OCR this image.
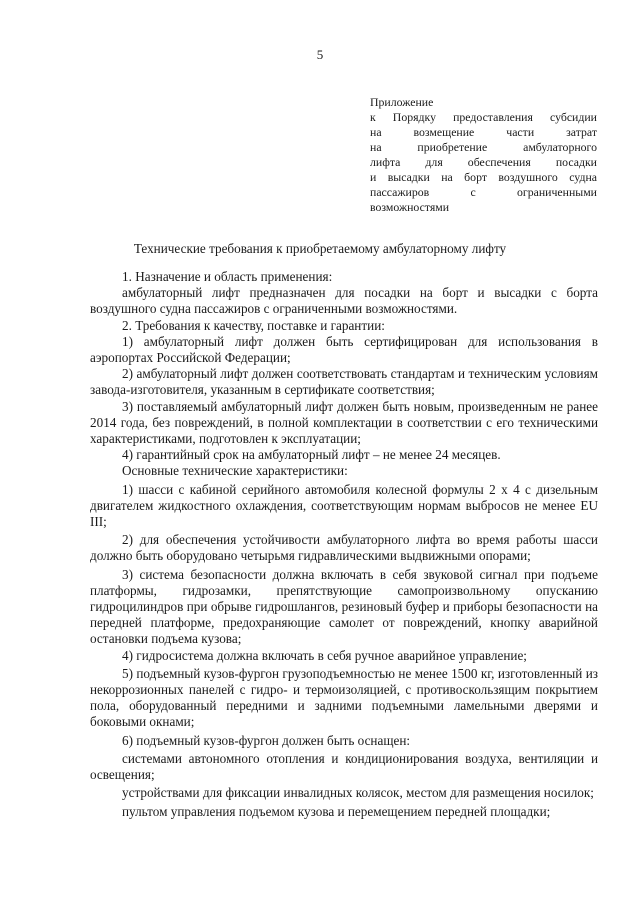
5

Приложение

к Порядку предоставления субсидии

на возмещение части затрат

на приобретение амбулаторного

лифта для обеспечения посадки

и высадки на борт воздушного судна

пассажиров с ограниченными

возможностями

Технические требования к приобретаемому амбулаторному лифту

1. Назначение и область применения:

амбулаторный лифт предназначен для посадки на борт и высадки с борта воздушного судна пассажиров с ограниченными возможностями.

2. Требования к качеству, поставке и гарантии:

1) амбулаторный лифт должен быть сертифицирован для использования в аэропортах Российской Федерации;

2) амбулаторный лифт должен соответствовать стандартам и техническим условиям завода-изготовителя, указанным в сертификате соответствия;

3) поставляемый амбулаторный лифт должен быть новым, произведенным не ранее 2014 года, без повреждений, в полной комплектации в соответствии с его техническими характеристиками, подготовлен к эксплуатации;

4) гарантийный срок на амбулаторный лифт – не менее 24 месяцев.

Основные технические характеристики:

1) шасси с кабиной серийного автомобиля колесной формулы 2 х 4 с дизельным двигателем жидкостного охлаждения, соответствующим нормам выбросов не менее EU III;

2) для обеспечения устойчивости амбулаторного лифта во время работы шасси должно быть оборудовано четырьмя гидравлическими выдвижными опорами;

3) система безопасности должна включать в себя звуковой сигнал при подъеме платформы, гидрозамки, препятствующие самопроизвольному опусканию гидроцилиндров при обрыве гидрошлангов, резиновый буфер и приборы безопасности на передней платформе, предохраняющие самолет от повреждений, кнопку аварийной остановки подъема кузова;

4) гидросистема должна включать в себя ручное аварийное управление;

5) подъемный кузов-фургон грузоподъемностью не менее 1500 кг, изготовленный из некоррозионных панелей с гидро- и термоизоляцией, с противоскользящим покрытием пола, оборудованный передними и задними подъемными ламельными дверями и боковыми окнами;

6) подъемный кузов-фургон должен быть оснащен:

системами автономного отопления и кондиционирования воздуха, вентиляции и освещения;

устройствами для фиксации инвалидных колясок, местом для размещения носилок;

пультом управления подъемом кузова и перемещением передней площадки;
